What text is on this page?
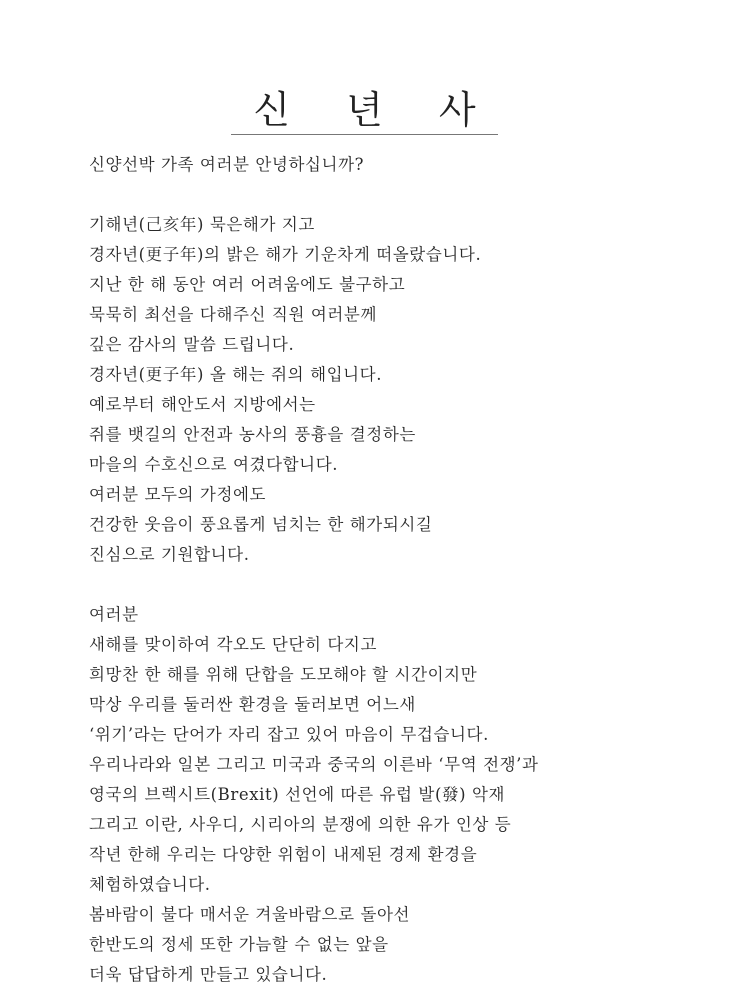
신 년 사
신양선박 가족 여러분 안녕하십니까?
기해년(己亥年) 묵은해가 지고
경자년(更子年)의 밝은 해가 기운차게 떠올랐습니다.
지난 한 해 동안 여러 어려움에도 불구하고
묵묵히 최선을 다해주신 직원 여러분께
깊은 감사의 말씀 드립니다.
경자년(更子年) 올 해는 쥐의 해입니다.
예로부터 해안도서 지방에서는
쥐를 뱃길의 안전과 농사의 풍흉을 결정하는
마을의 수호신으로 여겼다합니다.
여러분 모두의 가정에도
건강한 웃음이 풍요롭게 넘치는 한 해가되시길
진심으로 기원합니다.
여러분
새해를 맞이하여 각오도 단단히 다지고
희망찬 한 해를 위해 단합을 도모해야 할 시간이지만
막상 우리를 둘러싼 환경을 둘러보면 어느새
‘위기’라는 단어가 자리 잡고 있어 마음이 무겁습니다.
우리나라와 일본 그리고 미국과 중국의 이른바 ‘무역 전쟁’과
영국의 브렉시트(Brexit) 선언에 따른 유럽 발(發) 악재
그리고 이란, 사우디, 시리아의 분쟁에 의한 유가 인상 등
작년 한해 우리는 다양한 위험이 내제된 경제 환경을
체험하였습니다.
봄바람이 불다 매서운 겨울바람으로 돌아선
한반도의 정세 또한 가늠할 수 없는 앞을
더욱 답답하게 만들고 있습니다.
